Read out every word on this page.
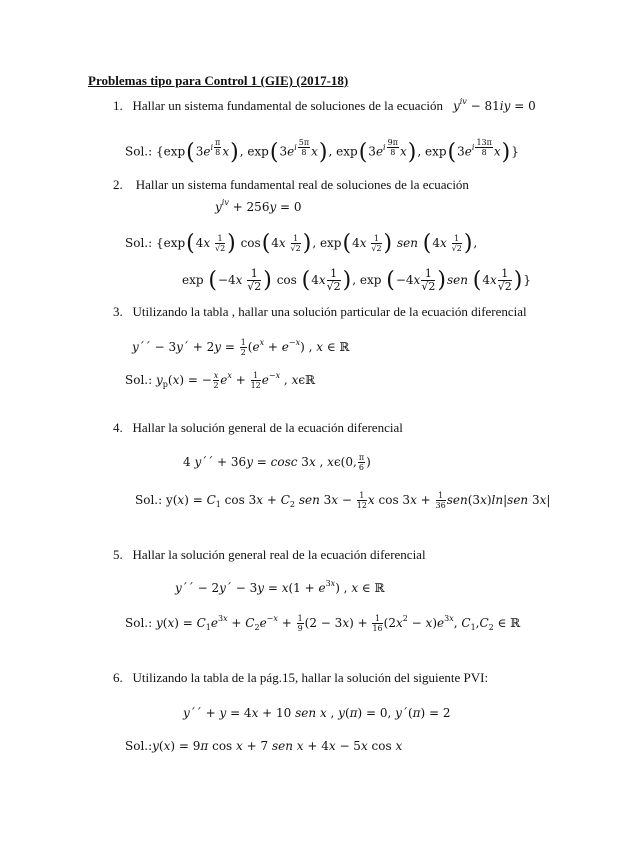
Problemas tipo para Control 1 (GIE) (2017-18)
1. Hallar un sistema fundamental de soluciones de la ecuación $y^{iv} - 81iy = 0$
Sol.: {$\exp(3e^{i \frac{\pi}{8}}$ x), $\exp(3e^{i \frac{5\pi}{8}}$ x), $\exp(3e^{i \frac{9\pi}{8}}$ x), $\exp(3e^{i \frac{13\pi}{8}}$ x)}
2. Hallar un sistema fundamental real de soluciones de la ecuación
$y^{iv} + 256y = 0$
Sol.: {$\exp(4x \frac{1}{√2}$ ) $\cos(4x \frac{1}{√2}$ ), $\exp(4x \frac{1}{√2}$ ) sen ($4x \frac{1}{√2}$ ),
$\exp (-4x \frac{1}{√2}$ ) $\cos (4x \frac{1}{√2}$ ), $\exp (-4x \frac{1}{√2} )sen$ ($4x \frac{1}{√2}$ )}
3. Utilizando la tabla , hallar una solución particular de la ecuación diferencial
y´´ − 3y´ + $2y = \frac{1}{2} (e^x + e^{-x})$ , x ∈ ℝ
Sol.: $y_p(x)$ = − $\frac{x}{2} e^x + \frac{1}{12} e^{-x}$ , xϵℝ
4. Hallar la solución general de la ecuación diferencial
4 y´´ + 36y = cosc 3x , xϵ(0, $\frac{\pi}{6}$ )
Sol.: $y(x) = C_1$ $\cos 3x + C_2$ sen $3x - \frac{1}{12}$ x $\cos 3x + \frac{1}{36} sen(3x)\ln|sen$ 3x|
5. Hallar la solución general real de la ecuación diferencial
y´´ − 2y´ − $3y = x(1 + e^{3x})$ , x ∈ ℝ
Sol.: $y(x) = C_1e^{3x} + C_2e^{-x} + \frac{1}{9} (2 - 3x) + \frac{1}{16} (2x^2 - x)e^{3x}$, $C_1,C_2$ ∈ ℝ
6. Utilizando la tabla de la pág.15, hallar la solución del siguiente PVI:
y´´ + y = 4x + 10 sen x , y(π) = 0, y´(π) = 2
Sol.:y(x) = 9π cos x + 7 sen x + 4x − 5x cos x
